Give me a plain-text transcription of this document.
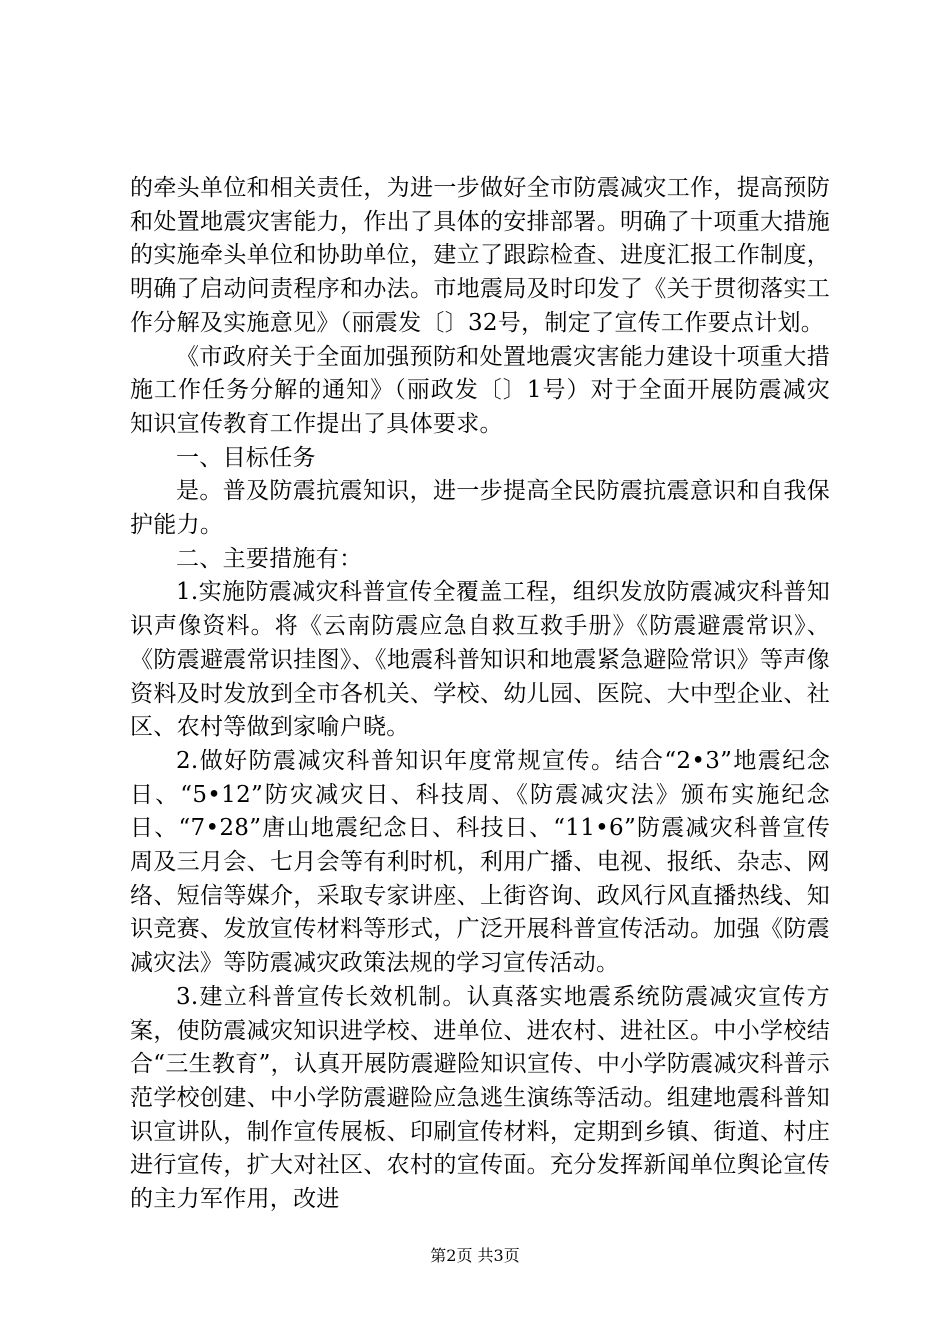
的牵头单位和相关责任，为进一步做好全市防震减灾工作，提高预防和处置地震灾害能力，作出了具体的安排部署。明确了十项重大措施的实施牵头单位和协助单位，建立了跟踪检查、进度汇报工作制度，明确了启动问责程序和办法。市地震局及时印发了《关于贯彻落实工作分解及实施意见》（丽震发〔〕32号，制定了宣传工作要点计划。

《市政府关于全面加强预防和处置地震灾害能力建设十项重大措施工作任务分解的通知》（丽政发〔〕1号）对于全面开展防震减灾知识宣传教育工作提出了具体要求。

一、目标任务

是。普及防震抗震知识，进一步提高全民防震抗震意识和自我保护能力。

二、主要措施有：

1.实施防震减灾科普宣传全覆盖工程，组织发放防震减灾科普知识声像资料。将《云南防震应急自救互救手册》《防震避震常识》、《防震避震常识挂图》、《地震科普知识和地震紧急避险常识》等声像资料及时发放到全市各机关、学校、幼儿园、医院、大中型企业、社区、农村等做到家喻户晓。

2.做好防震减灾科普知识年度常规宣传。结合“2•3”地震纪念日、“5•12”防灾减灾日、科技周、《防震减灾法》颁布实施纪念日、“7•28”唐山地震纪念日、科技日、“11•6”防震减灾科普宣传周及三月会、七月会等有利时机，利用广播、电视、报纸、杂志、网络、短信等媒介，采取专家讲座、上街咨询、政风行风直播热线、知识竞赛、发放宣传材料等形式，广泛开展科普宣传活动。加强《防震减灾法》等防震减灾政策法规的学习宣传活动。

3.建立科普宣传长效机制。认真落实地震系统防震减灾宣传方案，使防震减灾知识进学校、进单位、进农村、进社区。中小学校结合“三生教育”，认真开展防震避险知识宣传、中小学防震减灾科普示范学校创建、中小学防震避险应急逃生演练等活动。组建地震科普知识宣讲队，制作宣传展板、印刷宣传材料，定期到乡镇、街道、村庄进行宣传，扩大对社区、农村的宣传面。充分发挥新闻单位舆论宣传的主力军作用，改进

第2页 共3页
